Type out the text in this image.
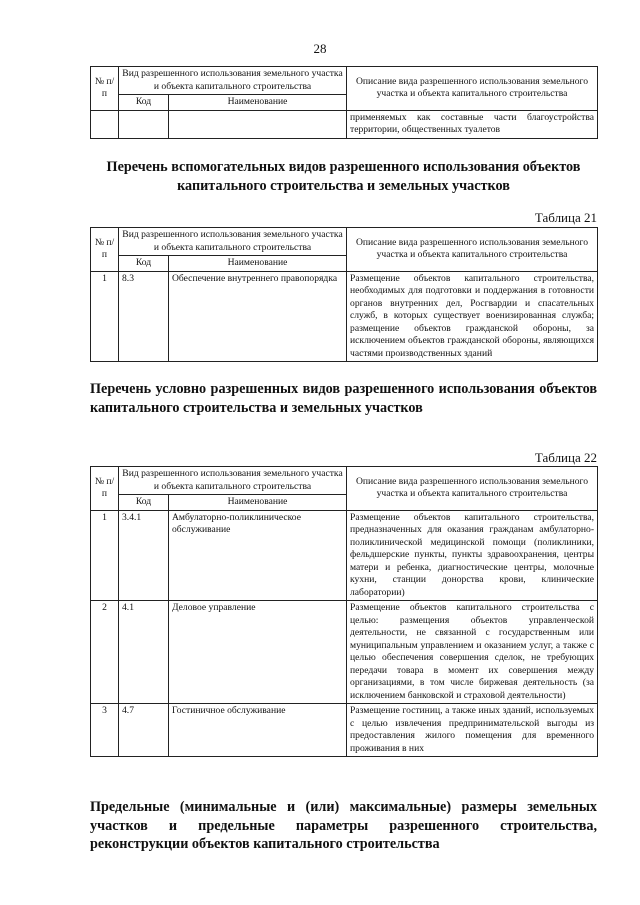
28
№ п/п	Вид разрешенного использования земельного участка и объекта капитального строительства		Описание вида разрешенного использования земельного участка и объекта капитального строительства
	Код	Наименование	
			применяемых как составные части благоустройства территории, общественных туалетов
Перечень вспомогательных видов разрешенного использования объектов капитального строительства и земельных участков
Таблица 21
№ п/п	Вид разрешенного использования земельного участка и объекта капитального строительства		Описание вида разрешенного использования земельного участка и объекта капитального строительства
	Код	Наименование	
1	8.3	Обеспечение внутреннего правопорядка	Размещение объектов капитального строительства, необходимых для подготовки и поддержания в готовности органов внутренних дел, Росгвардии и спасательных служб, в которых существует военизированная служба; размещение объектов гражданской обороны, за исключением объектов гражданской обороны, являющихся частями производственных зданий
Перечень условно разрешенных видов разрешенного использования объектов капитального строительства и земельных участков
Таблица 22
№ п/п	Вид разрешенного использования земельного участка и объекта капитального строительства		Описание вида разрешенного использования земельного участка и объекта капитального строительства
	Код	Наименование	
1	3.4.1	Амбулаторно-поликлиническое обслуживание	Размещение объектов капитального строительства, предназначенных для оказания гражданам амбулаторно-поликлинической медицинской помощи (поликлиники, фельдшерские пункты, пункты здравоохранения, центры матери и ребенка, диагностические центры, молочные кухни, станции донорства крови, клинические лаборатории)
2	4.1	Деловое управление	Размещение объектов капитального строительства с целью: размещения объектов управленческой деятельности, не связанной с государственным или муниципальным управлением и оказанием услуг, а также с целью обеспечения совершения сделок, не требующих передачи товара в момент их совершения между организациями, в том числе биржевая деятельность (за исключением банковской и страховой деятельности)
3	4.7	Гостиничное обслуживание	Размещение гостиниц, а также иных зданий, используемых с целью извлечения предпринимательской выгоды из предоставления жилого помещения для временного проживания в них
Предельные (минимальные и (или) максимальные) размеры земельных участков и предельные параметры разрешенного строительства, реконструкции объектов капитального строительства
